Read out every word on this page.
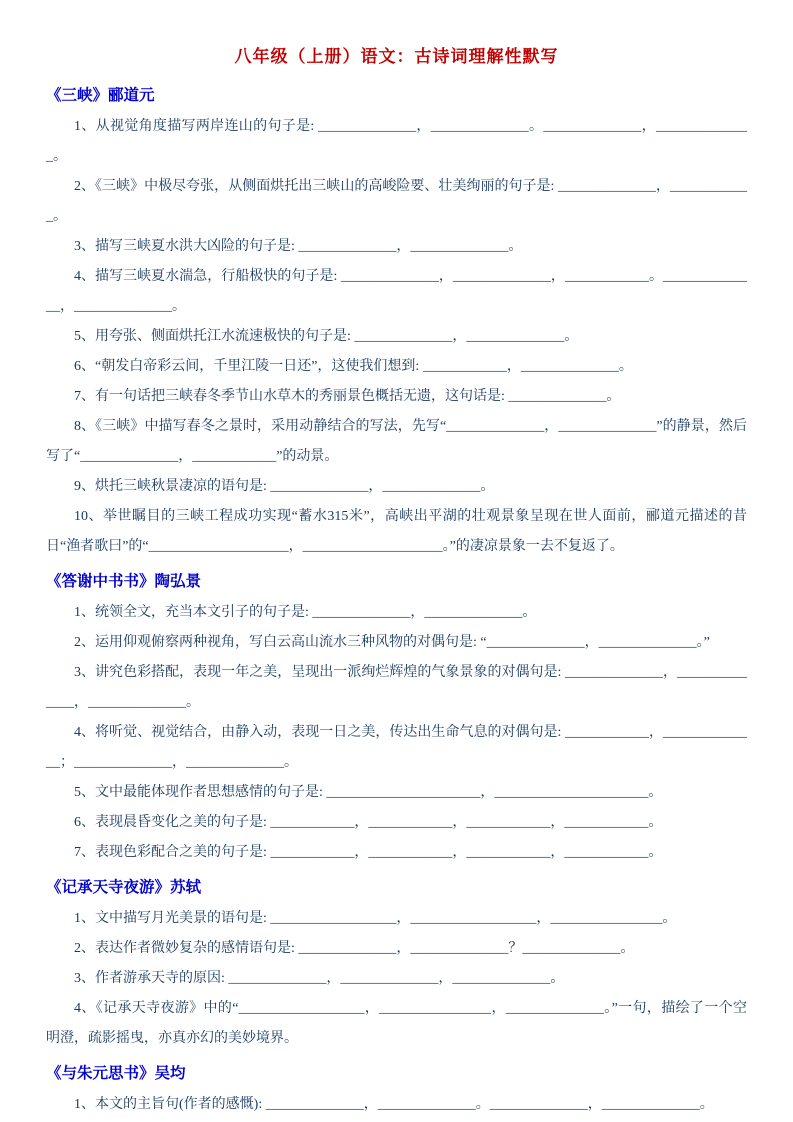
八年级（上册）语文：古诗词理解性默写
《三峡》郦道元

1、从视觉角度描写两岸连山的句子是: ______________，______________。______________，______________。

2、《三峡》中极尽夸张，从侧面烘托出三峡山的高峻险要、壮美绚丽的句子是: ______________，____________。

3、描写三峡夏水洪大凶险的句子是: ______________，______________。

4、描写三峡夏水湍急，行船极快的句子是: ______________，______________，____________。______________，______________。

5、用夸张、侧面烘托江水流速极快的句子是: ______________，______________。

6、“朝发白帝彩云间，千里江陵一日还”，这使我们想到: ____________，______________。

7、有一句话把三峡春冬季节山水草木的秀丽景色概括无遗，这句话是: ______________。

8、《三峡》中描写春冬之景时，采用动静结合的写法，先写“______________，______________”的静景，然后写了“______________，____________”的动景。

9、烘托三峡秋景凄凉的语句是: ______________，______________。

10、举世瞩目的三峡工程成功实现“蓄水315米”，高峡出平湖的壮观景象呈现在世人面前，郦道元描述的昔日“渔者歌曰”的“____________________，____________________。”的凄凉景象一去不复返了。

《答谢中书书》陶弘景

1、统领全文，充当本文引子的句子是: ______________，______________。

2、运用仰观俯察两种视角，写白云高山流水三种风物的对偶句是: “______________，______________。”

3、讲究色彩搭配，表现一年之美，呈现出一派绚烂辉煌的气象景象的对偶句是: ______________，______________，______________。

4、将听觉、视觉结合，由静入动，表现一日之美，传达出生命气息的对偶句是: ____________，______________；______________，______________。

5、文中最能体现作者思想感情的句子是: ______________________，______________________。

6、表现晨昏变化之美的句子是: ____________，____________，____________，____________。

7、表现色彩配合之美的句子是: ____________，____________，____________，____________。

《记承天寺夜游》苏轼

1、文中描写月光美景的语句是: __________________，__________________，________________。

2、表达作者微妙复杂的感情语句是: ______________，______________？______________。

3、作者游承天寺的原因: ______________，______________，______________。

4、《记承天寺夜游》中的“__________________，________________，______________。”一句，描绘了一个空明澄，疏影摇曳，亦真亦幻的美妙境界。

《与朱元思书》吴均

1、本文的主旨句(作者的感慨): ______________，______________。______________，______________。
